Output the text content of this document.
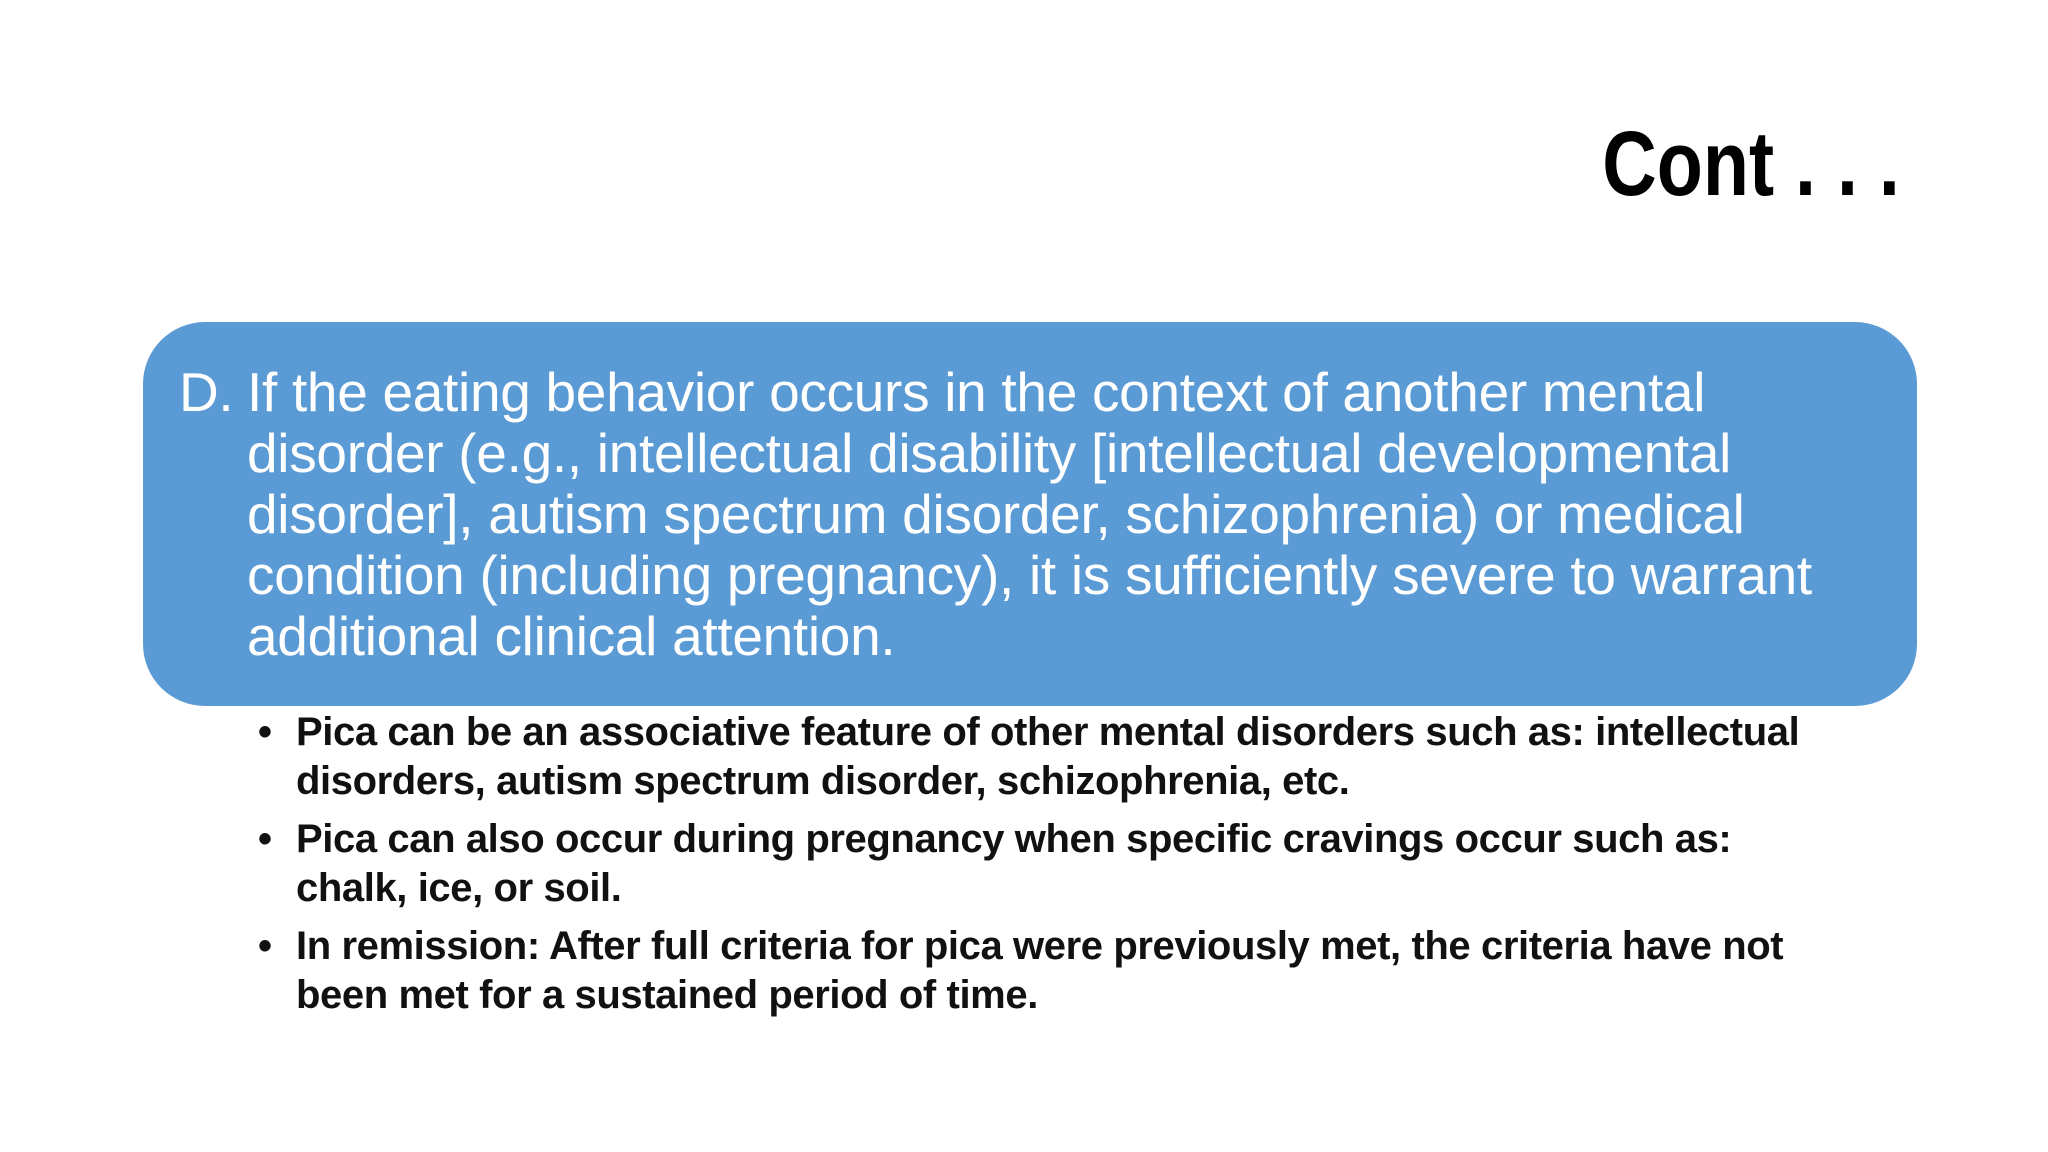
Cont . . .
D. If the eating behavior occurs in the context of another mental disorder (e.g., intellectual disability [intellectual developmental disorder], autism spectrum disorder, schizophrenia) or medical condition (including pregnancy), it is sufficiently severe to warrant additional clinical attention.
• Pica can be an associative feature of other mental disorders such as: intellectual disorders, autism spectrum disorder, schizophrenia, etc.
• Pica can also occur during pregnancy when specific cravings occur such as: chalk, ice, or soil.
• In remission: After full criteria for pica were previously met, the criteria have not been met for a sustained period of time.
